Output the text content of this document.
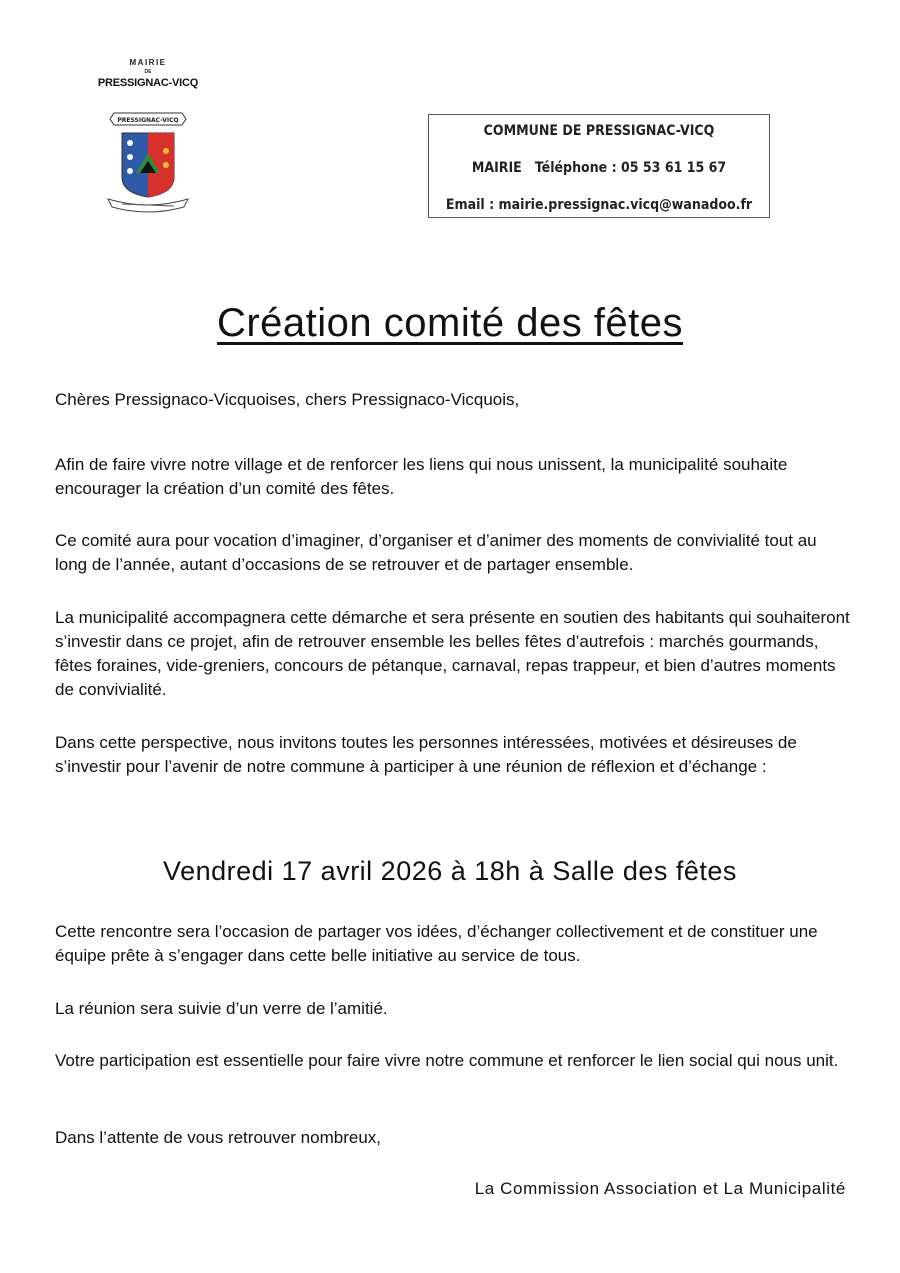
MAIRIE
DE
PRESSIGNAC-VICQ
PRESSIGNAC-VICQ
COMMUNE DE PRESSIGNAC-VICQ
MAIRIE   Téléphone : 05 53 61 15 67
Email : mairie.pressignac.vicq@wanadoo.fr
Création comité des fêtes

Chères Pressignaco-Vicquoises, chers Pressignaco-Vicquois,

Afin de faire vivre notre village et de renforcer les liens qui nous unissent, la municipalité souhaite encourager la création d’un comité des fêtes.

Ce comité aura pour vocation d’imaginer, d’organiser et d’animer des moments de convivialité tout au long de l’année, autant d’occasions de se retrouver et de partager ensemble.

La municipalité accompagnera cette démarche et sera présente en soutien des habitants qui souhaiteront s’investir dans ce projet, afin de retrouver ensemble les belles fêtes d’autrefois : marchés gourmands, fêtes foraines, vide-greniers, concours de pétanque, carnaval, repas trappeur, et bien d’autres moments de convivialité.

Dans cette perspective, nous invitons toutes les personnes intéressées, motivées et désireuses de s’investir pour l’avenir de notre commune à participer à une réunion de réflexion et d’échange :

Vendredi 17 avril 2026 à 18h à Salle des fêtes

Cette rencontre sera l’occasion de partager vos idées, d’échanger collectivement et de constituer une équipe prête à s’engager dans cette belle initiative au service de tous.

La réunion sera suivie d’un verre de l’amitié.

Votre participation est essentielle pour faire vivre notre commune et renforcer le lien social qui nous unit.

Dans l’attente de vous retrouver nombreux,

La Commission Association et La Municipalité
